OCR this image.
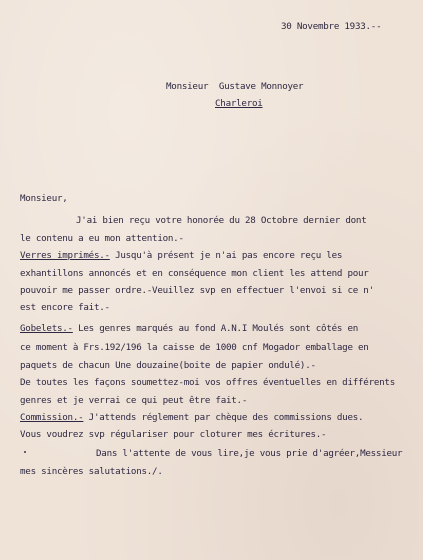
30 Novembre 1933.--
Monsieur  Gustave Monnoyer
Charleroi
Monsieur,
J'ai bien reçu votre honorée du 28 Octobre dernier dont
le contenu a eu mon attention.-
Verres imprimés.- Jusqu'à présent je n'ai pas encore reçu les
exhantillons annoncés et en conséquence mon client les attend pour
pouvoir me passer ordre.-Veuillez svp en effectuer l'envoi si ce n'
est encore fait.-
Gobelets.- Les genres marqués au fond A.N.I Moulés sont côtés en
ce moment à Frs.192/196 la caisse de 1000 cnf Mogador emballage en
paquets de chacun Une douzaine(boite de papier ondulé).-
De toutes les façons soumettez-moi vos offres éventuelles en différents
genres et je verrai ce qui peut être fait.-
Commission.- J'attends réglement par chèque des commissions dues.
Vous voudrez svp régulariser pour cloturer mes écritures.-
Dans l'attente de vous lire,je vous prie d'agréer,Messieur
mes sincères salutations./.
